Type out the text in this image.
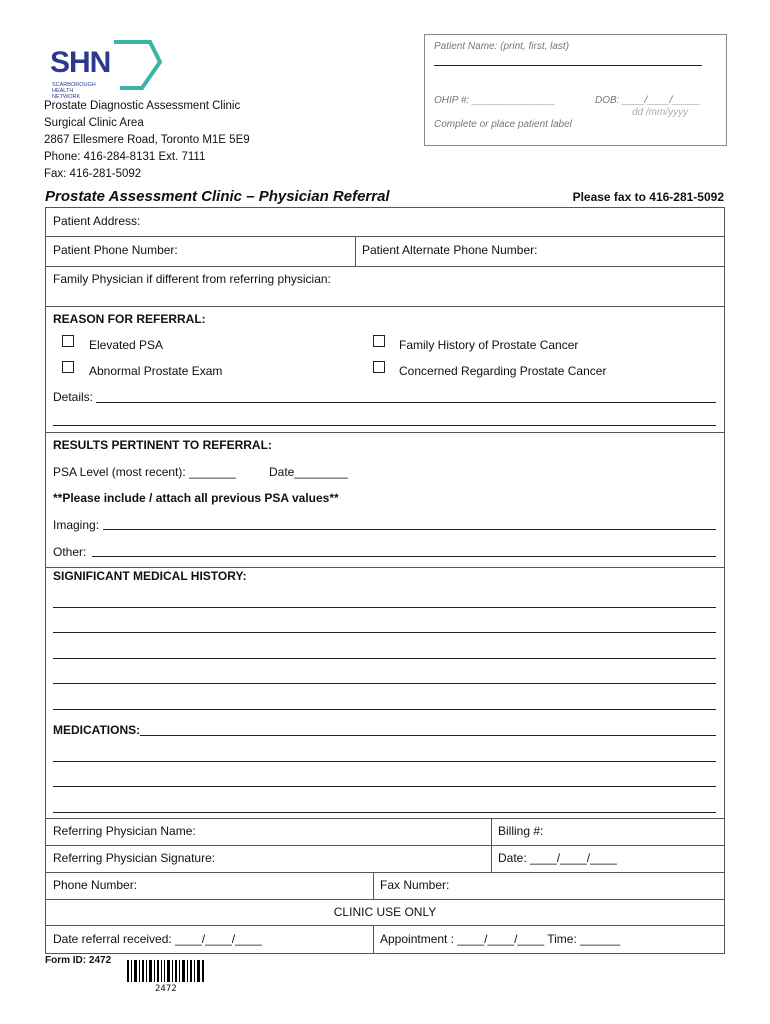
SHN
SCARBOROUGH HEALTH NETWORK
Prostate Diagnostic Assessment Clinic
Surgical Clinic Area
2867 Ellesmere Road, Toronto M1E 5E9
Phone: 416-284-8131 Ext. 7111
Fax: 416-281-5092
Patient Name: (print, first, last)
OHIP #: _______________	DOB: ____/____/_____
dd /mm/yyyy
Complete or place patient label
Prostate Assessment Clinic – Physician Referral	Please fax to 416-281-5092
Patient Address:
Patient Phone Number:	Patient Alternate Phone Number:
Family Physician if different from referring physician:
REASON FOR REFERRAL:
Elevated PSA	Family History of Prostate Cancer
Abnormal Prostate Exam	Concerned Regarding Prostate Cancer
Details:
RESULTS PERTINENT TO REFERRAL:
PSA Level (most recent): _______	Date________
**Please include / attach all previous PSA values**
Imaging:
Other:
SIGNIFICANT MEDICAL HISTORY:
MEDICATIONS:
Referring Physician Name:	Billing #:
Referring Physician Signature:	Date: ____/____/____
Phone Number:	Fax Number:
CLINIC USE ONLY
Date referral received: ____/____/____	Appointment : ____/____/____ Time: ______
Form ID: 2472
2472
